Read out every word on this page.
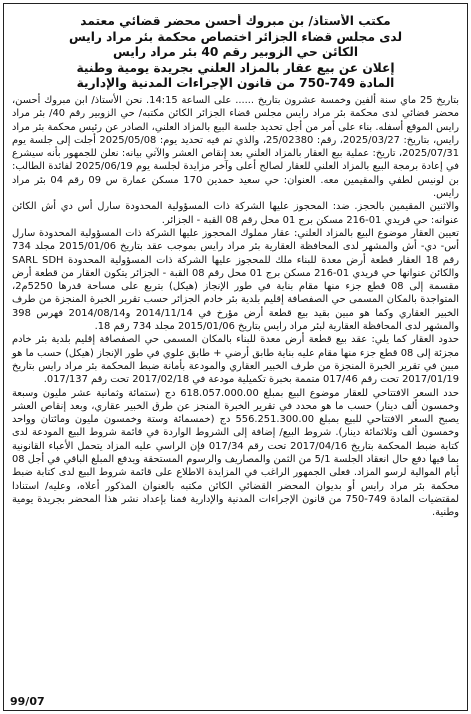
مكتب الأستاذ/ بن مبروك أحسن محضر قضائي معتمد
لدى مجلس قضاء الجزائر اختصاص محكمة بئر مراد رايس
الكائن حي الزوبير رقم 40 بئر مراد رايس
إعلان عن بيع عقار بالمزاد العلني بجريدة يومية وطنية
المادة 749-750 من قانون الإجراءات المدنية والإدارية

بتاريخ 25 ماي سنة ألفين وخمسة عشرون بتاريخ ...... على الساعة 14:15. نحن الأستاذ/ ابن مبروك أحسن، محضر قضائي لدى محكمة بئر مراد رايس مجلس قضاء الجزائر الكائن مكتبه/ حي الزوبير رقم 40/ بئر مراد رايس الموقع أسفله. بناء على أمر من أجل تحديد جلسة البيع بالمزاد العلني، الصادر عن رئيس محكمة بئر مراد رايس، بتاريخ: 2025/03/27، رقم: 25/02380، والذي تم فيه تحديد يوم: 2025/05/08 أجلت إلى جلسة يوم 2025/07/31، تاريخ: عملية بيع العقار بالمزاد العلني بعد إنقاص العشر والآتي بيانه: نعلن للجمهور بأنه سيشرع في إعادة برمجة البيع بالمزاد العلني للعقار لصالح أعلى وآخر مزايدة لجلسة يوم 2025/06/19 لفائدة الطالب: بن لونيس لطفي والمقيمين معه. العنوان: حي سعيد حمدين 170 مسكن عمارة س 09 رقم 04 بئر مراد رايس.

والاثنين المقيمين بالحجز. ضد: المحجوز عليها الشركة ذات المسؤولية المحدودة سارل أس دي أش الكائن عنوانه: حي قريدي 01-216 مسكن برج 01 محل رقم 08 القبة - الجزائر.

تعيين العقار موضوع البيع بالمزاد العلني: عقار مملوك المحجوز عليها الشركة ذات المسؤولية المحدودة سارل أس- دي- أش والمشهر لدى المحافظة العقارية بئر مراد رايس بموجب عقد بتاريخ 2015/01/06 مجلد 734 رقم 18 العقار قطعة أرض معدة للبناء ملك للمحجوز عليها الشركة ذات المسؤولية المحدودة SARL SDH والكائن عنوانها حي قريدي 01-216 مسكن برج 01 محل رقم 08 القبة - الجزائر يتكون العقار من قطعة أرض مقسمة إلى 08 قطع جزء منها مقام بناية في طور الإنجاز (هيكل) بتربع على مساحة قدرها 5250م2، المتواجدة بالمكان المسمى حي الصفصافة إقليم بلدية بئر خادم الجزائر حسب تقرير الخبرة المنجزة من طرف الخبير العقاري وكما هو مبين بقيد بيع قطعة أرض مؤرخ في 2014/11/14 و2014/08/14 فهرس 398 والمشهر لدى المحافظة العقارية لبئر مراد رايس بتاريخ 2015/01/06 مجلد 734 رقم 18.

حدود العقار كما يلي: عقد بيع قطعة أرض معدة للبناء بالمكان المسمى حي الصفصافة إقليم بلدية بئر خادم مجزئة إلى 08 قطع جزء منها مقام عليه بناية طابق أرضي + طابق علوي في طور الإنجاز (هيكل) حسب ما هو مبين في تقرير الخبرة المنجزة من طرف الخبير العقاري والمودعة بأمانة ضبط المحكمة بئر مراد رايس بتاريخ 2017/01/19 تحت رقم 017/46 متممة بخبرة تكميلية مودعة في 2017/02/18 تحت رقم 017/137.

حدد السعر الافتتاحي للعقار موضوع البيع بمبلغ 618.057.000.00 دج (ستمائة وثمانية عشر مليون وسبعة وخمسون ألف دينار) حسب ما هو محدد في تقرير الخبرة المنجز عن طرق الخبير عقاري، وبعد إنقاص العشر يصبح السعر الافتتاحي للبيع بمبلغ 556.251.300.00 دج (خمسمائة وستة وخمسون مليون ومائتان وواحد وخمسون ألف وثلاثمائة دينار). شروط البيع/ إضافة إلى الشروط الواردة في قائمة شروط البيع المودعة لدى كتابة ضبط المحكمة بتاريخ 2017/04/16 تحت رقم 017/34 فإن الراسي عليه المزاد يتحمل الأعباء القانونية بما فيها دفع حال انعقاد الجلسة 5/1 من الثمن والمصاريف والرسوم المستحقة ويدفع المبلغ الباقي في أجل 08 أيام الموالية لرسو المزاد. فعلى الجمهور الراغب في المزايدة الاطلاع على قائمة شروط البيع لدى كتابة ضبط محكمة بئر مراد رايس أو بديوان المحضر القضائي الكائن مكتبه بالعنوان المذكور أعلاه، وعليه/ استنادا لمقتضيات المادة 749-750 من قانون الإجراءات المدنية والإدارية فمنا بإعداد نشر هذا المحضر بجريدة يومية وطنية.

99/07
